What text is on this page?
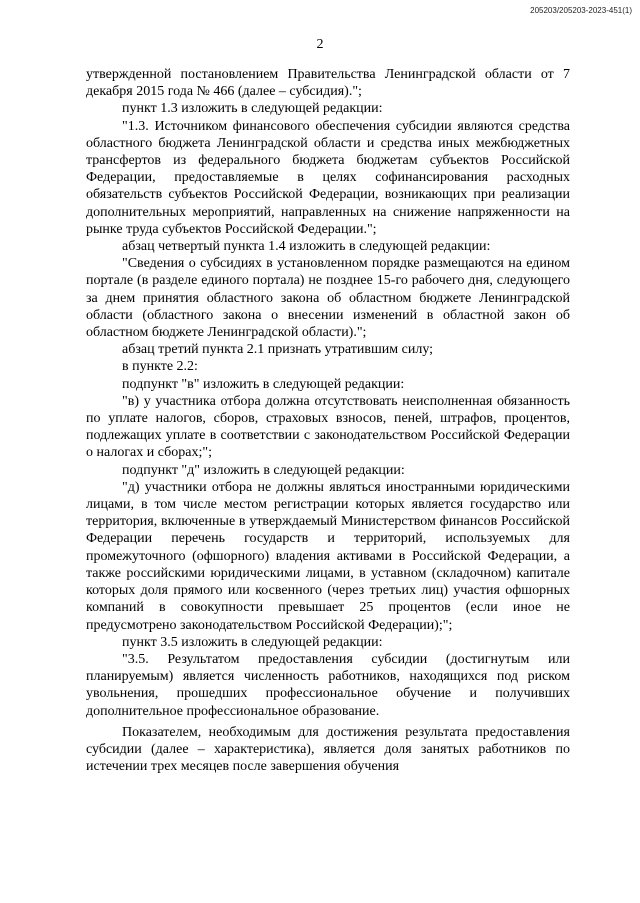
205203/205203-2023-451(1)
2

утвержденной постановлением Правительства Ленинградской области от 7 декабря 2015 года № 466 (далее – субсидия).";

пункт 1.3 изложить в следующей редакции:

"1.3. Источником финансового обеспечения субсидии являются средства областного бюджета Ленинградской области и средства иных межбюджетных трансфертов из федерального бюджета бюджетам субъектов Российской Федерации, предоставляемые в целях софинансирования расходных обязательств субъектов Российской Федерации, возникающих при реализации дополнительных мероприятий, направленных на снижение напряженности на рынке труда субъектов Российской Федерации.";

абзац четвертый пункта 1.4 изложить в следующей редакции:

"Сведения о субсидиях в установленном порядке размещаются на едином портале (в разделе единого портала) не позднее 15-го рабочего дня, следующего за днем принятия областного закона об областном бюджете Ленинградской области (областного закона о внесении изменений в областной закон об областном бюджете Ленинградской области).";

абзац третий пункта 2.1 признать утратившим силу;

в пункте 2.2:

подпункт "в" изложить в следующей редакции:

"в) у участника отбора должна отсутствовать неисполненная обязанность по уплате налогов, сборов, страховых взносов, пеней, штрафов, процентов, подлежащих уплате в соответствии с законодательством Российской Федерации о налогах и сборах;";

подпункт "д" изложить в следующей редакции:

"д) участники отбора не должны являться иностранными юридическими лицами, в том числе местом регистрации которых является государство или территория, включенные в утверждаемый Министерством финансов Российской Федерации перечень государств и территорий, используемых для промежуточного (офшорного) владения активами в Российской Федерации, а также российскими юридическими лицами, в уставном (складочном) капитале которых доля прямого или косвенного (через третьих лиц) участия офшорных компаний в совокупности превышает 25 процентов (если иное не предусмотрено законодательством Российской Федерации);";

пункт 3.5 изложить в следующей редакции:

"3.5. Результатом предоставления субсидии (достигнутым или планируемым) является численность работников, находящихся под риском увольнения, прошедших профессиональное обучение и получивших дополнительное профессиональное образование.

Показателем, необходимым для достижения результата предоставления субсидии (далее – характеристика), является доля занятых работников по истечении трех месяцев после завершения обучения
